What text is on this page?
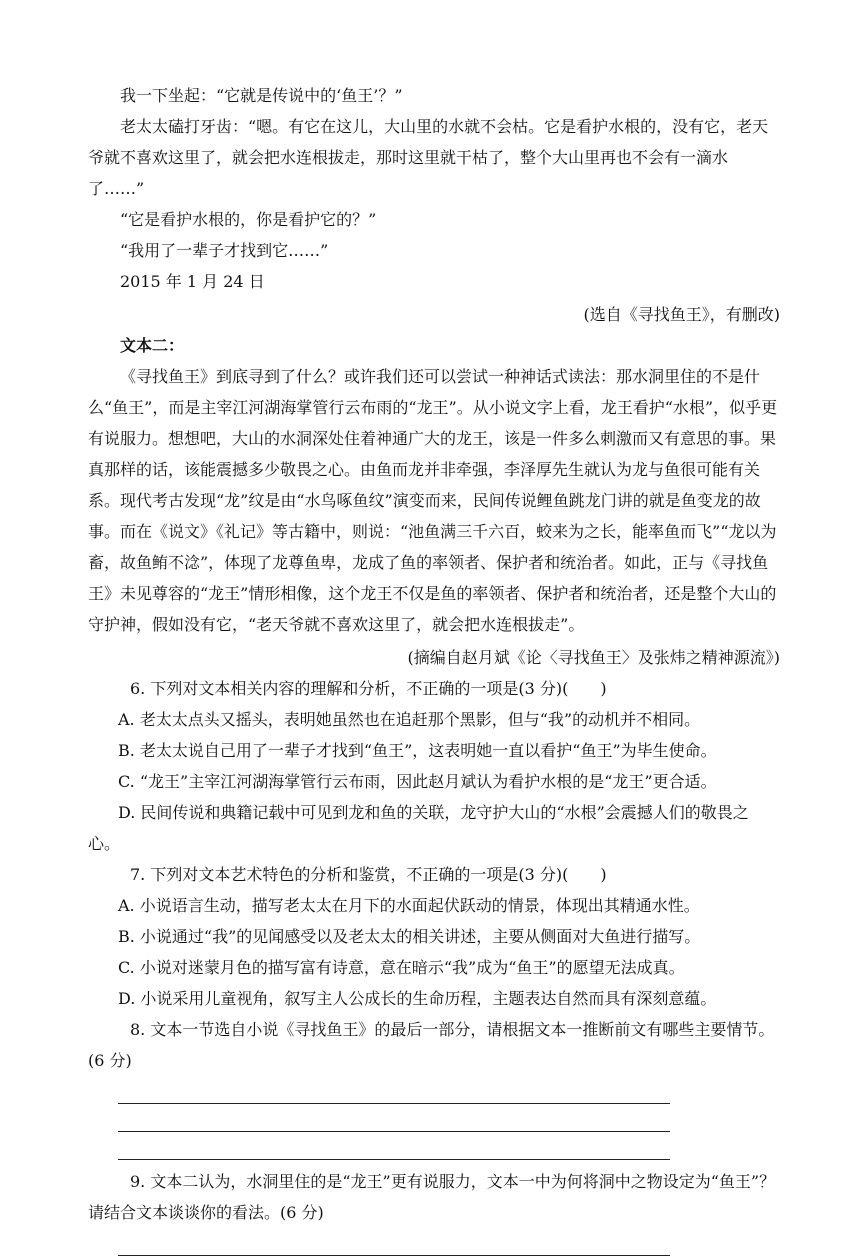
我一下坐起：“它就是传说中的‘鱼王’？”

老太太磕打牙齿：“嗯。有它在这儿，大山里的水就不会枯。它是看护水根的，没有它，老天爷就不喜欢这里了，就会把水连根拔走，那时这里就干枯了，整个大山里再也不会有一滴水了……”

“它是看护水根的，你是看护它的？”

“我用了一辈子才找到它……”

2015 年 1 月 24 日

(选自《寻找鱼王》，有删改)

文本二：

《寻找鱼王》到底寻到了什么？或许我们还可以尝试一种神话式读法：那水洞里住的不是什么“鱼王”，而是主宰江河湖海掌管行云布雨的“龙王”。从小说文字上看，龙王看护“水根”，似乎更有说服力。想想吧，大山的水洞深处住着神通广大的龙王，该是一件多么刺激而又有意思的事。果真那样的话，该能震撼多少敬畏之心。由鱼而龙并非牵强，李泽厚先生就认为龙与鱼很可能有关系。现代考古发现“龙”纹是由“水鸟啄鱼纹”演变而来，民间传说鲤鱼跳龙门讲的就是鱼变龙的故事。而在《说文》《礼记》等古籍中，则说：“池鱼满三千六百，蛟来为之长，能率鱼而飞”“龙以为畜，故鱼鲔不淰”，体现了龙尊鱼卑，龙成了鱼的率领者、保护者和统治者。如此，正与《寻找鱼王》未见尊容的“龙王”情形相像，这个龙王不仅是鱼的率领者、保护者和统治者，还是整个大山的守护神，假如没有它，“老天爷就不喜欢这里了，就会把水连根拔走”。

(摘编自赵月斌《论〈寻找鱼王〉及张炜之精神源流》)

6. 下列对文本相关内容的理解和分析，不正确的一项是(3 分)(　　)

A. 老太太点头又摇头，表明她虽然也在追赶那个黑影，但与“我”的动机并不相同。

B. 老太太说自己用了一辈子才找到“鱼王”，这表明她一直以看护“鱼王”为毕生使命。

C. “龙王”主宰江河湖海掌管行云布雨，因此赵月斌认为看护水根的是“龙王”更合适。

D. 民间传说和典籍记载中可见到龙和鱼的关联，龙守护大山的“水根”会震撼人们的敬畏之心。

7. 下列对文本艺术特色的分析和鉴赏，不正确的一项是(3 分)(　　)

A. 小说语言生动，描写老太太在月下的水面起伏跃动的情景，体现出其精通水性。

B. 小说通过“我”的见闻感受以及老太太的相关讲述，主要从侧面对大鱼进行描写。

C. 小说对迷蒙月色的描写富有诗意，意在暗示“我”成为“鱼王”的愿望无法成真。

D. 小说采用儿童视角，叙写主人公成长的生命历程，主题表达自然而具有深刻意蕴。

8. 文本一节选自小说《寻找鱼王》的最后一部分，请根据文本一推断前文有哪些主要情节。(6 分)

9. 文本二认为，水洞里住的是“龙王”更有说服力，文本一中为何将洞中之物设定为“鱼王”？请结合文本谈谈你的看法。(6 分)
